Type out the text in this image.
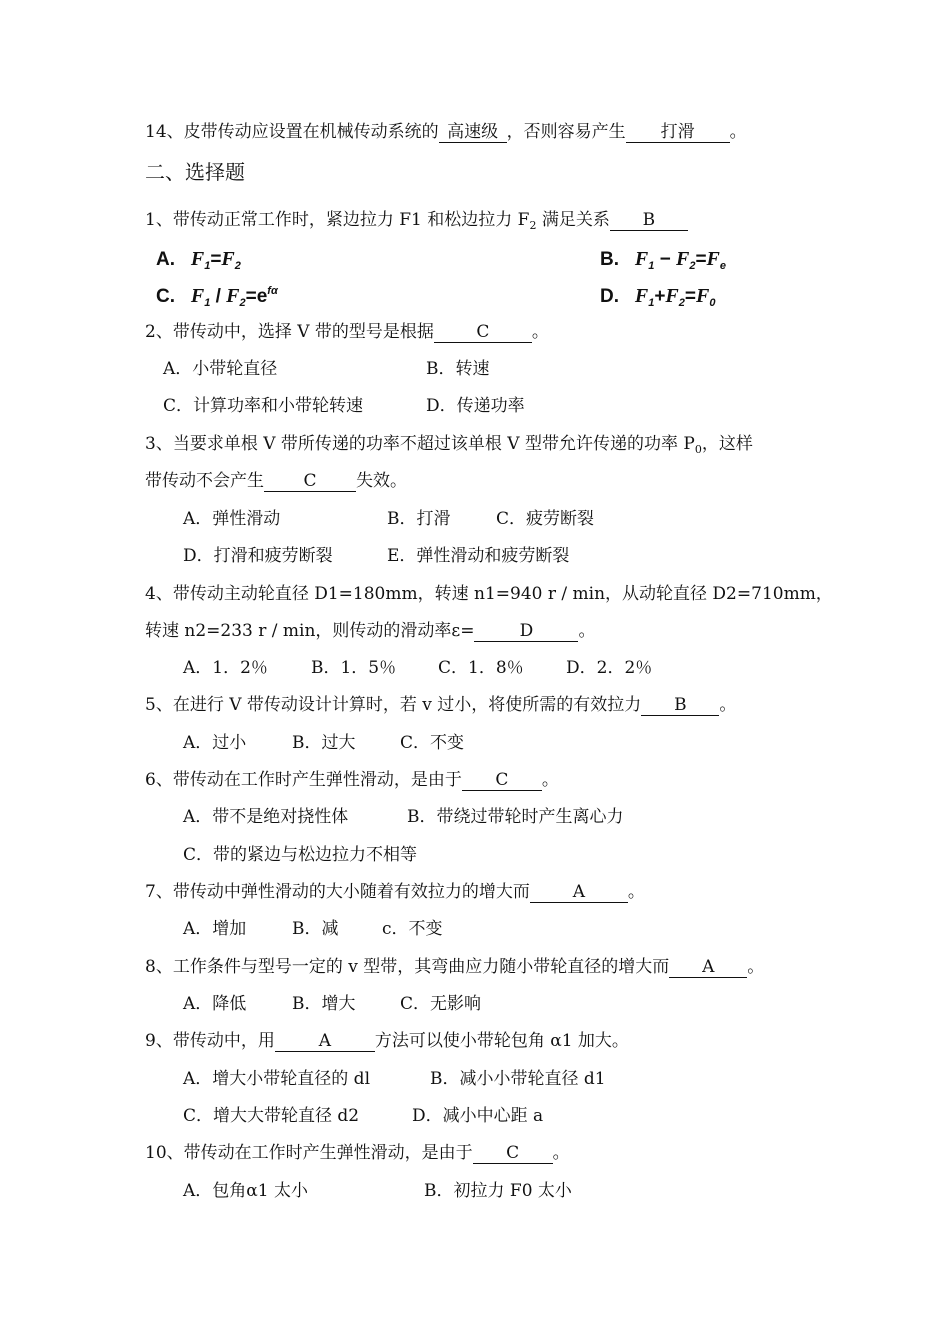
14、皮带传动应设置在机械传动系统的 高速级 ，否则容易产生 打滑 。
二、选择题
1、带传动正常工作时，紧边拉力 F1 和松边拉力 $F_2$ 满足关系 B
A. $F_1=F_2$	B. $F_1 - F_2=F_e$
C. $F_1 / F_2=e^{f\alpha}$	D. $F_1+F_2=F_0$
2、带传动中，选择 V 带的型号是根据 C	。
A．小带轮直径	B．转速
C．计算功率和小带轮转速	D．传递功率
3、当要求单根 V 带所传递的功率不超过该单根 V 型带允许传递的功率 $P_0$，这样
带传动不会产生 C 失效。
A．弹性滑动	B．打滑	C．疲劳断裂
D．打滑和疲劳断裂	E．弹性滑动和疲劳断裂
4、带传动主动轮直径 D1=180mm，转速 n1=940 r / min，从动轮直径 D2=710mm，
转速 n2=233 r / min，则传动的滑动率ε=	D	。
A．1．2％	B．1．5％ C．1．8％ D．2．2％
5、在进行 V 带传动设计计算时，若 v 过小，将使所需的有效拉力 B 。
A．过小	B．过大	C．不变
6、带传动在工作时产生弹性滑动，是由于 C 。
A．带不是绝对挠性体	B．带绕过带轮时产生离心力
C．带的紧边与松边拉力不相等
7、带传动中弹性滑动的大小随着有效拉力的增大而	A	。
A．增加	B．减	c．不变
8、工作条件与型号一定的 v 型带，其弯曲应力随小带轮直径的增大而 A 。
A．降低	B．增大	C．无影响
9、带传动中，用	A	方法可以使小带轮包角 α1 加大。
A．增大小带轮直径的 dl	B．减小小带轮直径 d1
C．增大大带轮直径 d2	D．减小中心距 a
10、带传动在工作时产生弹性滑动，是由于 C 。
A．包角α1 太小	B．初拉力 F0 太小
